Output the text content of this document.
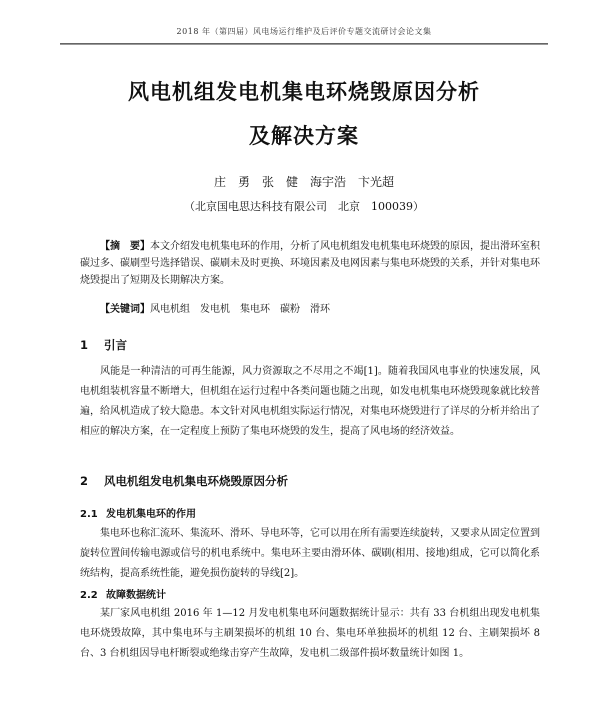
2018 年（第四届）风电场运行维护及后评价专题交流研讨会论文集
风电机组发电机集电环烧毁原因分析
及解决方案
庄　勇　张　健　海宇浩　卞光超
（北京国电思达科技有限公司　北京　100039）
【摘　要】本文介绍发电机集电环的作用，分析了风电机组发电机集电环烧毁的原因，提出滑环室积碳过多、碳刷型号选择错误、碳刷未及时更换、环境因素及电网因素与集电环烧毁的关系，并针对集电环烧毁提出了短期及长期解决方案。
【关键词】风电机组　发电机　集电环　碳粉　滑环
1 引言
风能是一种清洁的可再生能源，风力资源取之不尽用之不竭[1]。随着我国风电事业的快速发展，风电机组装机容量不断增大，但机组在运行过程中各类问题也随之出现，如发电机集电环烧毁现象就比较普遍，给风机造成了较大隐患。本文针对风电机组实际运行情况，对集电环烧毁进行了详尽的分析并给出了相应的解决方案，在一定程度上预防了集电环烧毁的发生，提高了风电场的经济效益。
2 风电机组发电机集电环烧毁原因分析
2.1 发电机集电环的作用
集电环也称汇流环、集流环、滑环、导电环等，它可以用在所有需要连续旋转，又要求从固定位置到旋转位置间传输电源或信号的机电系统中。集电环主要由滑环体、碳刷(相用、接地)组成，它可以简化系统结构，提高系统性能，避免损伤旋转的导线[2]。
2.2 故障数据统计
某厂家风电机组 2016 年 1—12 月发电机集电环问题数据统计显示：共有 33 台机组出现发电机集电环烧毁故障，其中集电环与主刷架损坏的机组 10 台、集电环单独损坏的机组 12 台、主刷架损坏 8 台、3 台机组因导电杆断裂或绝缘击穿产生故障，发电机二级部件损坏数量统计如图 1。
